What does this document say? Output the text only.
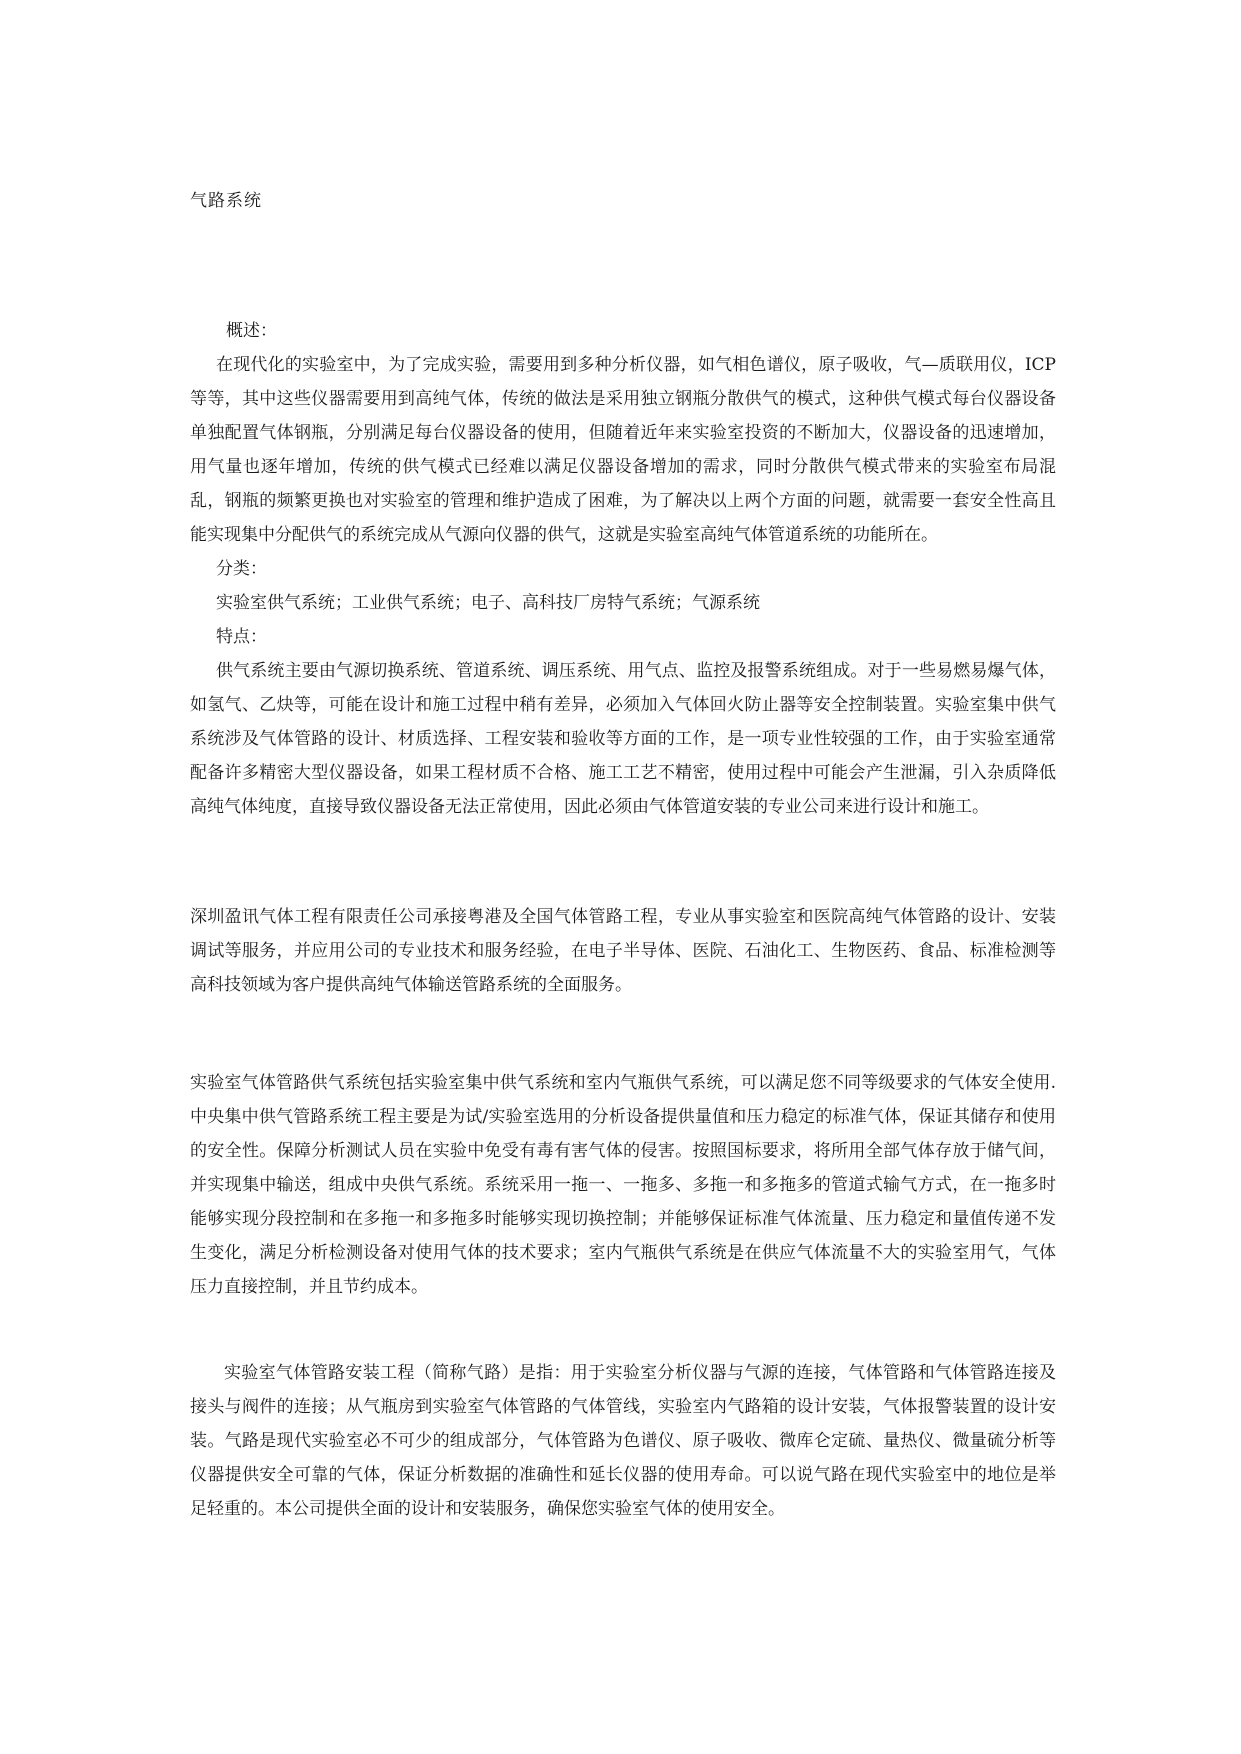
气路系统

概述：

在现代化的实验室中，为了完成实验，需要用到多种分析仪器，如气相色谱仪，原子吸收，气—质联用仪，ICP等等，其中这些仪器需要用到高纯气体，传统的做法是采用独立钢瓶分散供气的模式，这种供气模式每台仪器设备单独配置气体钢瓶，分别满足每台仪器设备的使用，但随着近年来实验室投资的不断加大，仪器设备的迅速增加，用气量也逐年增加，传统的供气模式已经难以满足仪器设备增加的需求，同时分散供气模式带来的实验室布局混乱，钢瓶的频繁更换也对实验室的管理和维护造成了困难，为了解决以上两个方面的问题，就需要一套安全性高且能实现集中分配供气的系统完成从气源向仪器的供气，这就是实验室高纯气体管道系统的功能所在。

分类：

实验室供气系统；工业供气系统；电子、高科技厂房特气系统；气源系统

特点：

供气系统主要由气源切换系统、管道系统、调压系统、用气点、监控及报警系统组成。对于一些易燃易爆气体，如氢气、乙炔等，可能在设计和施工过程中稍有差异，必须加入气体回火防止器等安全控制装置。实验室集中供气系统涉及气体管路的设计、材质选择、工程安装和验收等方面的工作，是一项专业性较强的工作，由于实验室通常配备许多精密大型仪器设备，如果工程材质不合格、施工工艺不精密，使用过程中可能会产生泄漏，引入杂质降低高纯气体纯度，直接导致仪器设备无法正常使用，因此必须由气体管道安装的专业公司来进行设计和施工。

深圳盈讯气体工程有限责任公司承接粤港及全国气体管路工程，专业从事实验室和医院高纯气体管路的设计、安装调试等服务，并应用公司的专业技术和服务经验，在电子半导体、医院、石油化工、生物医药、食品、标准检测等高科技领域为客户提供高纯气体输送管路系统的全面服务。

实验室气体管路供气系统包括实验室集中供气系统和室内气瓶供气系统，可以满足您不同等级要求的气体安全使用.中央集中供气管路系统工程主要是为试/实验室选用的分析设备提供量值和压力稳定的标准气体，保证其储存和使用的安全性。保障分析测试人员在实验中免受有毒有害气体的侵害。按照国标要求，将所用全部气体存放于储气间，并实现集中输送，组成中央供气系统。系统采用一拖一、一拖多、多拖一和多拖多的管道式输气方式，在一拖多时能够实现分段控制和在多拖一和多拖多时能够实现切换控制；并能够保证标准气体流量、压力稳定和量值传递不发生变化，满足分析检测设备对使用气体的技术要求；室内气瓶供气系统是在供应气体流量不大的实验室用气，气体压力直接控制，并且节约成本。

实验室气体管路安装工程（简称气路）是指：用于实验室分析仪器与气源的连接，气体管路和气体管路连接及接头与阀件的连接；从气瓶房到实验室气体管路的气体管线，实验室内气路箱的设计安装，气体报警装置的设计安装。气路是现代实验室必不可少的组成部分，气体管路为色谱仪、原子吸收、微库仑定硫、量热仪、微量硫分析等仪器提供安全可靠的气体，保证分析数据的准确性和延长仪器的使用寿命。可以说气路在现代实验室中的地位是举足轻重的。本公司提供全面的设计和安装服务，确保您实验室气体的使用安全。
